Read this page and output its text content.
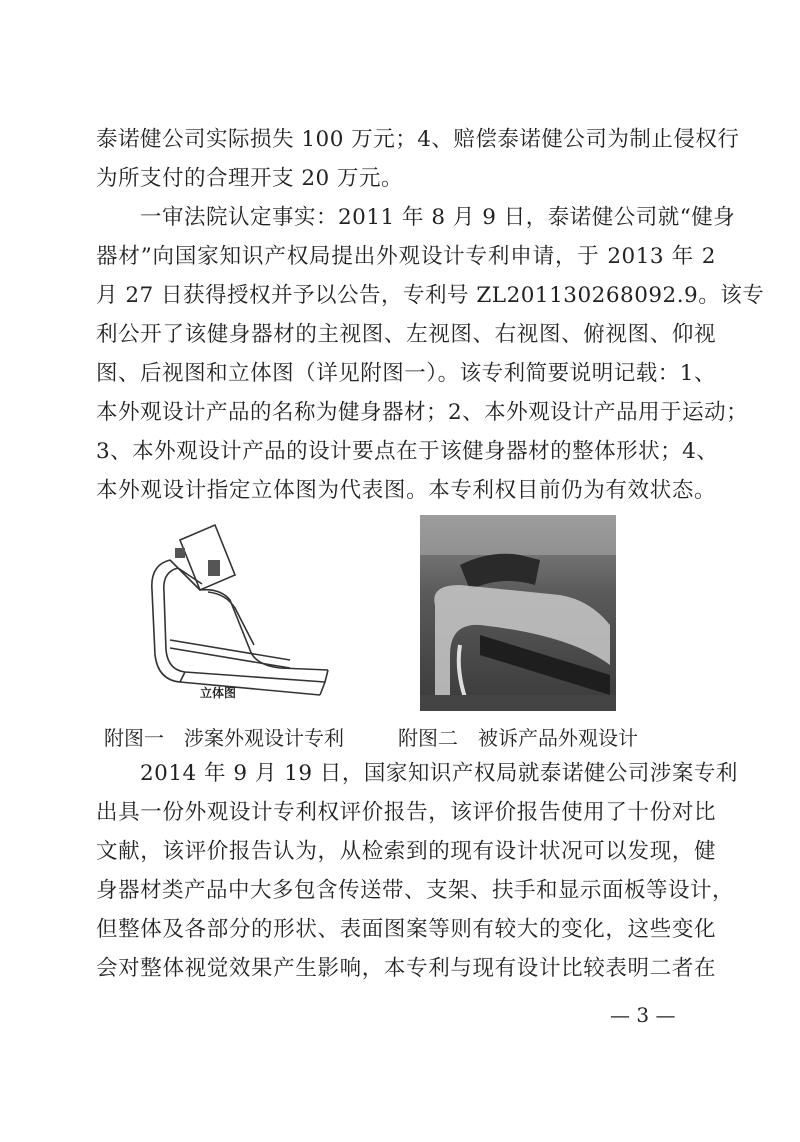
泰诺健公司实际损失 100 万元；4、赔偿泰诺健公司为制止侵权行
为所支付的合理开支 20 万元。
一审法院认定事实：2011 年 8 月 9 日，泰诺健公司就“健身
器材”向国家知识产权局提出外观设计专利申请，于 2013 年 2
月 27 日获得授权并予以公告，专利号 ZL201130268092.9。该专
利公开了该健身器材的主视图、左视图、右视图、俯视图、仰视
图、后视图和立体图（详见附图一）。该专利简要说明记载：1、
本外观设计产品的名称为健身器材；2、本外观设计产品用于运动；
3、本外观设计产品的设计要点在于该健身器材的整体形状；4、
本外观设计指定立体图为代表图。本专利权目前仍为有效状态。
立体图
附图一　涉案外观设计专利	附图二　被诉产品外观设计
2014 年 9 月 19 日，国家知识产权局就泰诺健公司涉案专利
出具一份外观设计专利权评价报告，该评价报告使用了十份对比
文献，该评价报告认为，从检索到的现有设计状况可以发现，健
身器材类产品中大多包含传送带、支架、扶手和显示面板等设计，
但整体及各部分的形状、表面图案等则有较大的变化，这些变化
会对整体视觉效果产生影响，本专利与现有设计比较表明二者在
— 3 —
